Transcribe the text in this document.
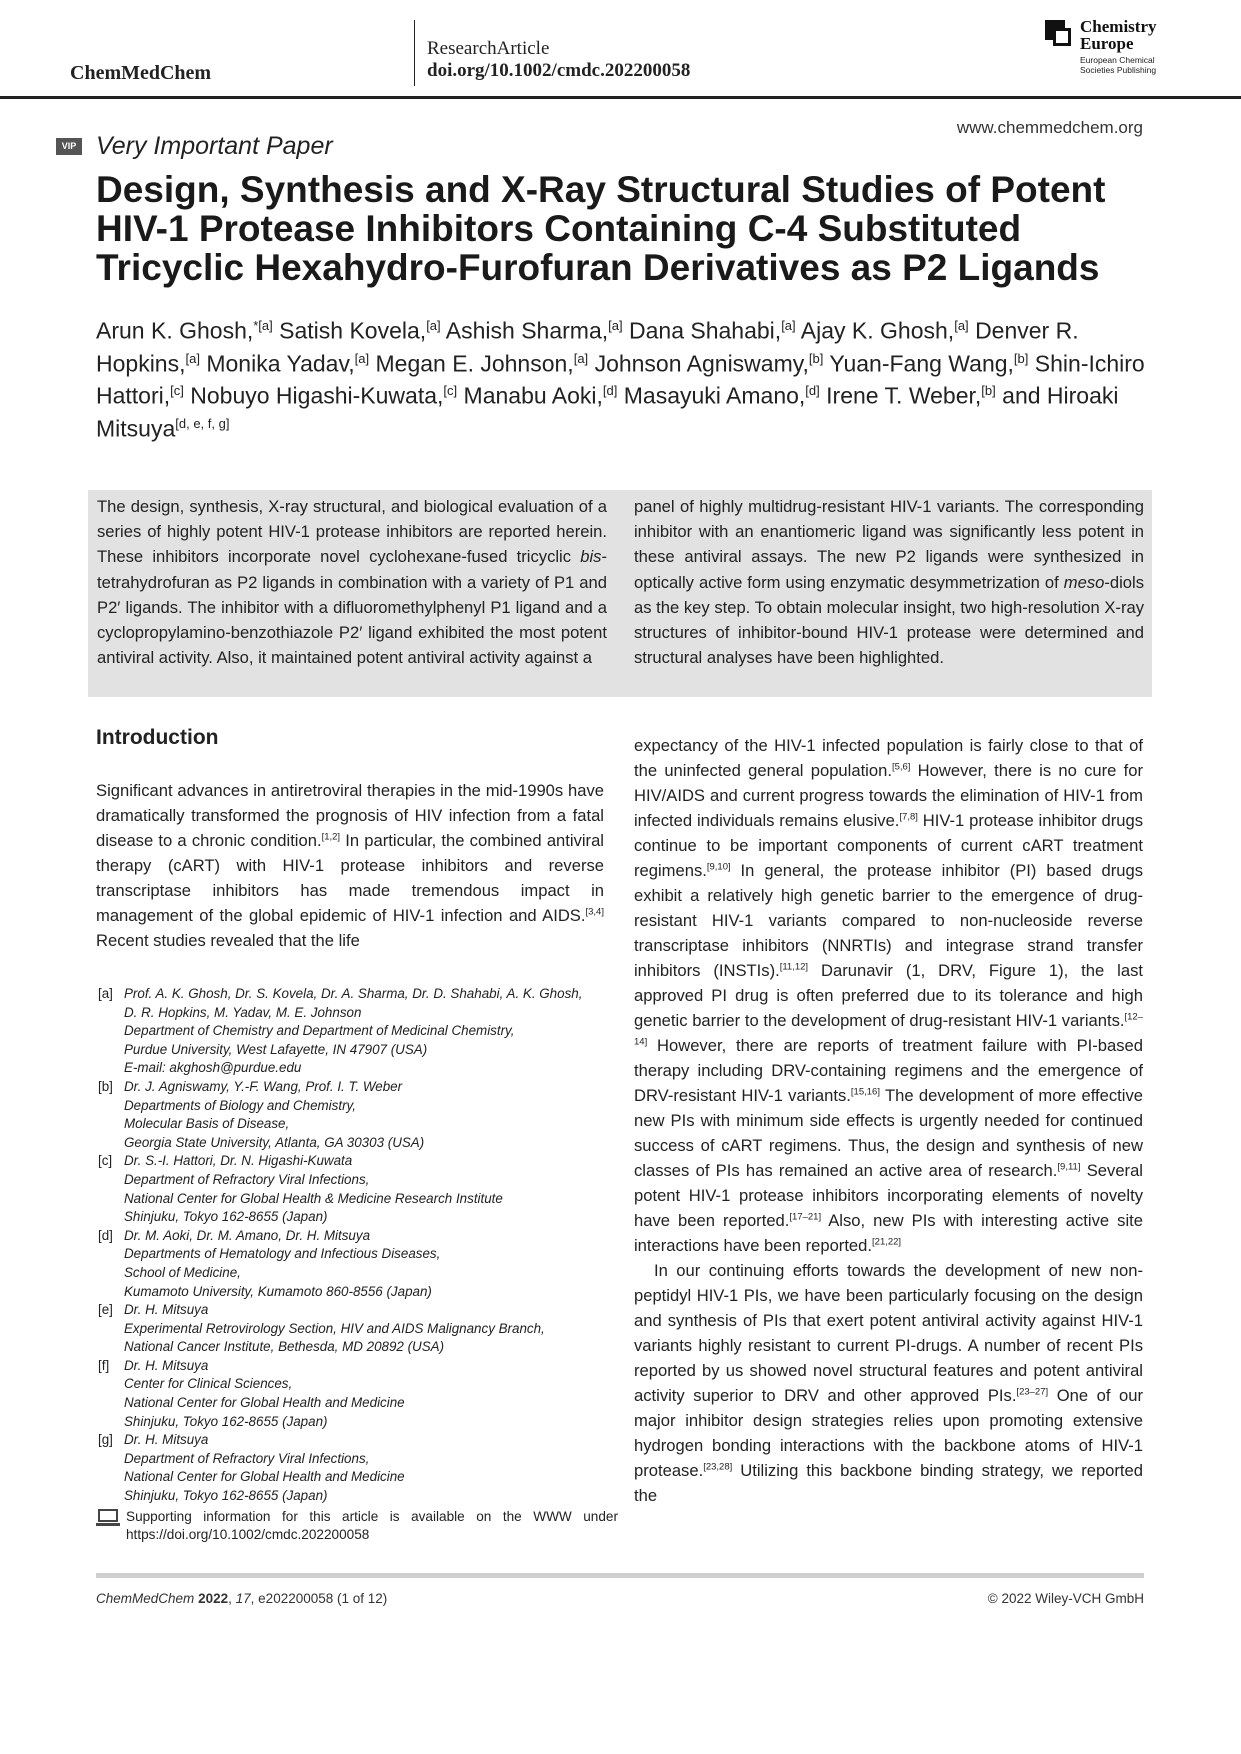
ChemMedChem
ResearchArticle
doi.org/10.1002/cmdc.202200058
Chemistry
Europe
European Chemical
Societies Publishing
VIP Very Important Paper
www.chemmedchem.org
Design, Synthesis and X-Ray Structural Studies of Potent HIV-1 Protease Inhibitors Containing C-4 Substituted Tricyclic Hexahydro-Furofuran Derivatives as P2 Ligands

Arun K. Ghosh,$^{*[a]}$ Satish Kovela,[a] Ashish Sharma,[a] Dana Shahabi,[a] Ajay K. Ghosh,[a] Denver R. Hopkins,[a] Monika Yadav,[a] Megan E. Johnson,[a] Johnson Agniswamy,[b] Yuan-Fang Wang,[b] Shin-Ichiro Hattori,[c] Nobuyo Higashi-Kuwata,[c] Manabu Aoki,[d] Masayuki Amano,[d] Irene T. Weber,[b] and Hiroaki Mitsuya[d, e, f, g]

The design, synthesis, X-ray structural, and biological evaluation of a series of highly potent HIV-1 protease inhibitors are reported herein. These inhibitors incorporate novel cyclohexane-fused tricyclic bis-tetrahydrofuran as P2 ligands in combination with a variety of P1 and P2′ ligands. The inhibitor with a difluoromethylphenyl P1 ligand and a cyclopropylamino-benzothiazole P2′ ligand exhibited the most potent antiviral activity. Also, it maintained potent antiviral activity against a

panel of highly multidrug-resistant HIV-1 variants. The corresponding inhibitor with an enantiomeric ligand was significantly less potent in these antiviral assays. The new P2 ligands were synthesized in optically active form using enzymatic desymmetrization of meso-diols as the key step. To obtain molecular insight, two high-resolution X-ray structures of inhibitor-bound HIV-1 protease were determined and structural analyses have been highlighted.

Introduction

Significant advances in antiretroviral therapies in the mid-1990s have dramatically transformed the prognosis of HIV infection from a fatal disease to a chronic condition.[1,2] In particular, the combined antiviral therapy (cART) with HIV-1 protease inhibitors and reverse transcriptase inhibitors has made tremendous impact in management of the global epidemic of HIV-1 infection and AIDS.[3,4] Recent studies revealed that the life

[a] Prof. A. K. Ghosh, Dr. S. Kovela, Dr. A. Sharma, Dr. D. Shahabi, A. K. Ghosh,
D. R. Hopkins, M. Yadav, M. E. Johnson
Department of Chemistry and Department of Medicinal Chemistry,
Purdue University, West Lafayette, IN 47907 (USA)
E-mail: akghosh@purdue.edu
[b] Dr. J. Agniswamy, Y.-F. Wang, Prof. I. T. Weber
Departments of Biology and Chemistry,
Molecular Basis of Disease,
Georgia State University, Atlanta, GA 30303 (USA)
[c] Dr. S.-I. Hattori, Dr. N. Higashi-Kuwata
Department of Refractory Viral Infections,
National Center for Global Health & Medicine Research Institute
Shinjuku, Tokyo 162-8655 (Japan)
[d] Dr. M. Aoki, Dr. M. Amano, Dr. H. Mitsuya
Departments of Hematology and Infectious Diseases,
School of Medicine,
Kumamoto University, Kumamoto 860-8556 (Japan)
[e] Dr. H. Mitsuya
Experimental Retrovirology Section, HIV and AIDS Malignancy Branch,
National Cancer Institute, Bethesda, MD 20892 (USA)
[f] Dr. H. Mitsuya
Center for Clinical Sciences,
National Center for Global Health and Medicine
Shinjuku, Tokyo 162-8655 (Japan)
[g] Dr. H. Mitsuya
Department of Refractory Viral Infections,
National Center for Global Health and Medicine
Shinjuku, Tokyo 162-8655 (Japan)
Supporting information for this article is available on the WWW under https://doi.org/10.1002/cmdc.202200058

expectancy of the HIV-1 infected population is fairly close to that of the uninfected general population.[5,6] However, there is no cure for HIV/AIDS and current progress towards the elimination of HIV-1 from infected individuals remains elusive.[7,8] HIV-1 protease inhibitor drugs continue to be important components of current cART treatment regimens.[9,10] In general, the protease inhibitor (PI) based drugs exhibit a relatively high genetic barrier to the emergence of drug-resistant HIV-1 variants compared to non-nucleoside reverse transcriptase inhibitors (NNRTIs) and integrase strand transfer inhibitors (INSTIs).[11,12] Darunavir (1, DRV, Figure 1), the last approved PI drug is often preferred due to its tolerance and high genetic barrier to the development of drug-resistant HIV-1 variants.[12–14] However, there are reports of treatment failure with PI-based therapy including DRV-containing regimens and the emergence of DRV-resistant HIV-1 variants.[15,16] The development of more effective new PIs with minimum side effects is urgently needed for continued success of cART regimens. Thus, the design and synthesis of new classes of PIs has remained an active area of research.[9,11] Several potent HIV-1 protease inhibitors incorporating elements of novelty have been reported.[17–21] Also, new PIs with interesting active site interactions have been reported.[21,22]

In our continuing efforts towards the development of new non-peptidyl HIV-1 PIs, we have been particularly focusing on the design and synthesis of PIs that exert potent antiviral activity against HIV-1 variants highly resistant to current PI-drugs. A number of recent PIs reported by us showed novel structural features and potent antiviral activity superior to DRV and other approved PIs.[23–27] One of our major inhibitor design strategies relies upon promoting extensive hydrogen bonding interactions with the backbone atoms of HIV-1 protease.[23,28] Utilizing this backbone binding strategy, we reported the

ChemMedChem 2022, 17, e202200058 (1 of 12)	© 2022 Wiley-VCH GmbH
